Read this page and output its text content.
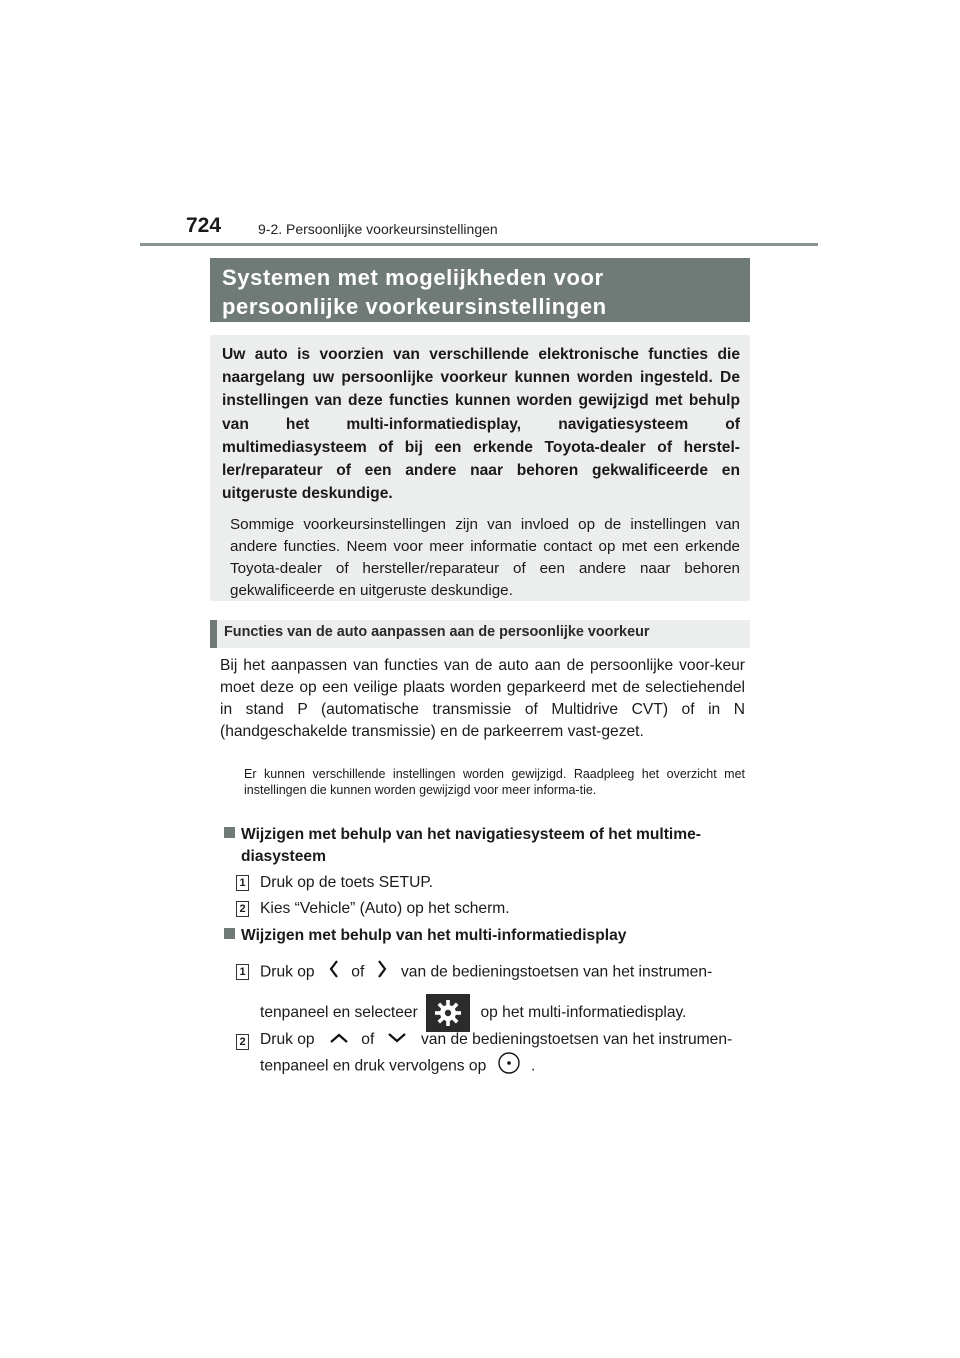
724	9-2. Persoonlijke voorkeursinstellingen
Systemen met mogelijkheden voor
persoonlijke voorkeursinstellingen

Uw auto is voorzien van verschillende elektronische functies die naargelang uw persoonlijke voorkeur kunnen worden ingesteld. De instellingen van deze functies kunnen worden gewijzigd met behulp van het multi-informatiedisplay, navigatiesysteem of multimediasysteem of bij een erkende Toyota-dealer of herstel-ler/reparateur of een andere naar behoren gekwalificeerde en uitgeruste deskundige.

Sommige voorkeursinstellingen zijn van invloed op de instellingen van andere functies. Neem voor meer informatie contact op met een erkende Toyota-dealer of hersteller/reparateur of een andere naar behoren gekwalificeerde en uitgeruste deskundige.

Functies van de auto aanpassen aan de persoonlijke voorkeur

Bij het aanpassen van functies van de auto aan de persoonlijke voor-keur moet deze op een veilige plaats worden geparkeerd met de selectiehendel in stand P (automatische transmissie of Multidrive CVT) of in N (handgeschakelde transmissie) en de parkeerrem vast-gezet.

Er kunnen verschillende instellingen worden gewijzigd. Raadpleeg het overzicht met instellingen die kunnen worden gewijzigd voor meer informa-tie.

Wijzigen met behulp van het navigatiesysteem of het multime-
diasysteem
1 Druk op de toets SETUP.
2 Kies “Vehicle” (Auto) op het scherm.
Wijzigen met behulp van het multi-informatiedisplay
1 Druk op of van de bedieningstoetsen van het instrumen-
tenpaneel en selecteer	op het multi-informatiedisplay.
2 Druk op	of	van de bedieningstoetsen van het instrumen-
tenpaneel en druk vervolgens op	.
